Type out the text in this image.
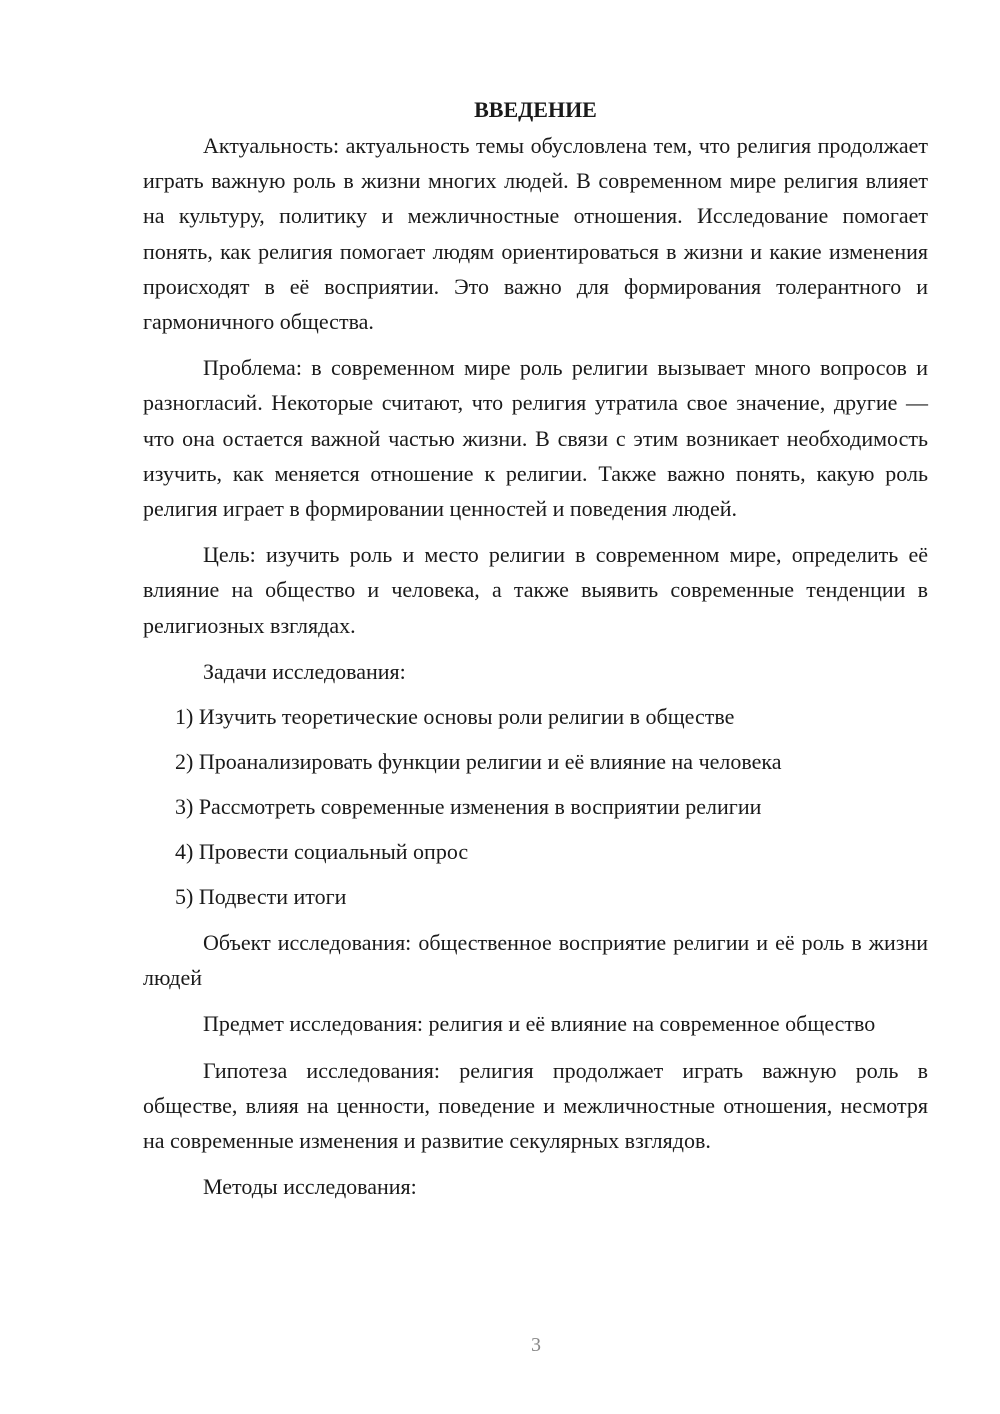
ВВЕДЕНИЕ

Актуальность: актуальность темы обусловлена тем, что религия продолжает играть важную роль в жизни многих людей. В современном мире религия влияет на культуру, политику и межличностные отношения. Исследование помогает понять, как религия помогает людям ориентироваться в жизни и какие изменения происходят в её восприятии. Это важно для формирования толерантного и гармоничного общества.

Проблема: в современном мире роль религии вызывает много вопросов и разногласий. Некоторые считают, что религия утратила свое значение, другие — что она остается важной частью жизни. В связи с этим возникает необходимость изучить, как меняется отношение к религии. Также важно понять, какую роль религия играет в формировании ценностей и поведения людей.

Цель: изучить роль и место религии в современном мире, определить её влияние на общество и человека, а также выявить современные тенденции в религиозных взглядах.

Задачи исследования:

1) Изучить теоретические основы роли религии в обществе
2) Проанализировать функции религии и её влияние на человека
3) Рассмотреть современные изменения в восприятии религии
4) Провести социальный опрос
5) Подвести итоги

Объект исследования: общественное восприятие религии и её роль в жизни людей

Предмет исследования: религия и её влияние на современное общество

Гипотеза исследования: религия продолжает играть важную роль в обществе, влияя на ценности, поведение и межличностные отношения, несмотря на современные изменения и развитие секулярных взглядов.

Методы исследования:

3
